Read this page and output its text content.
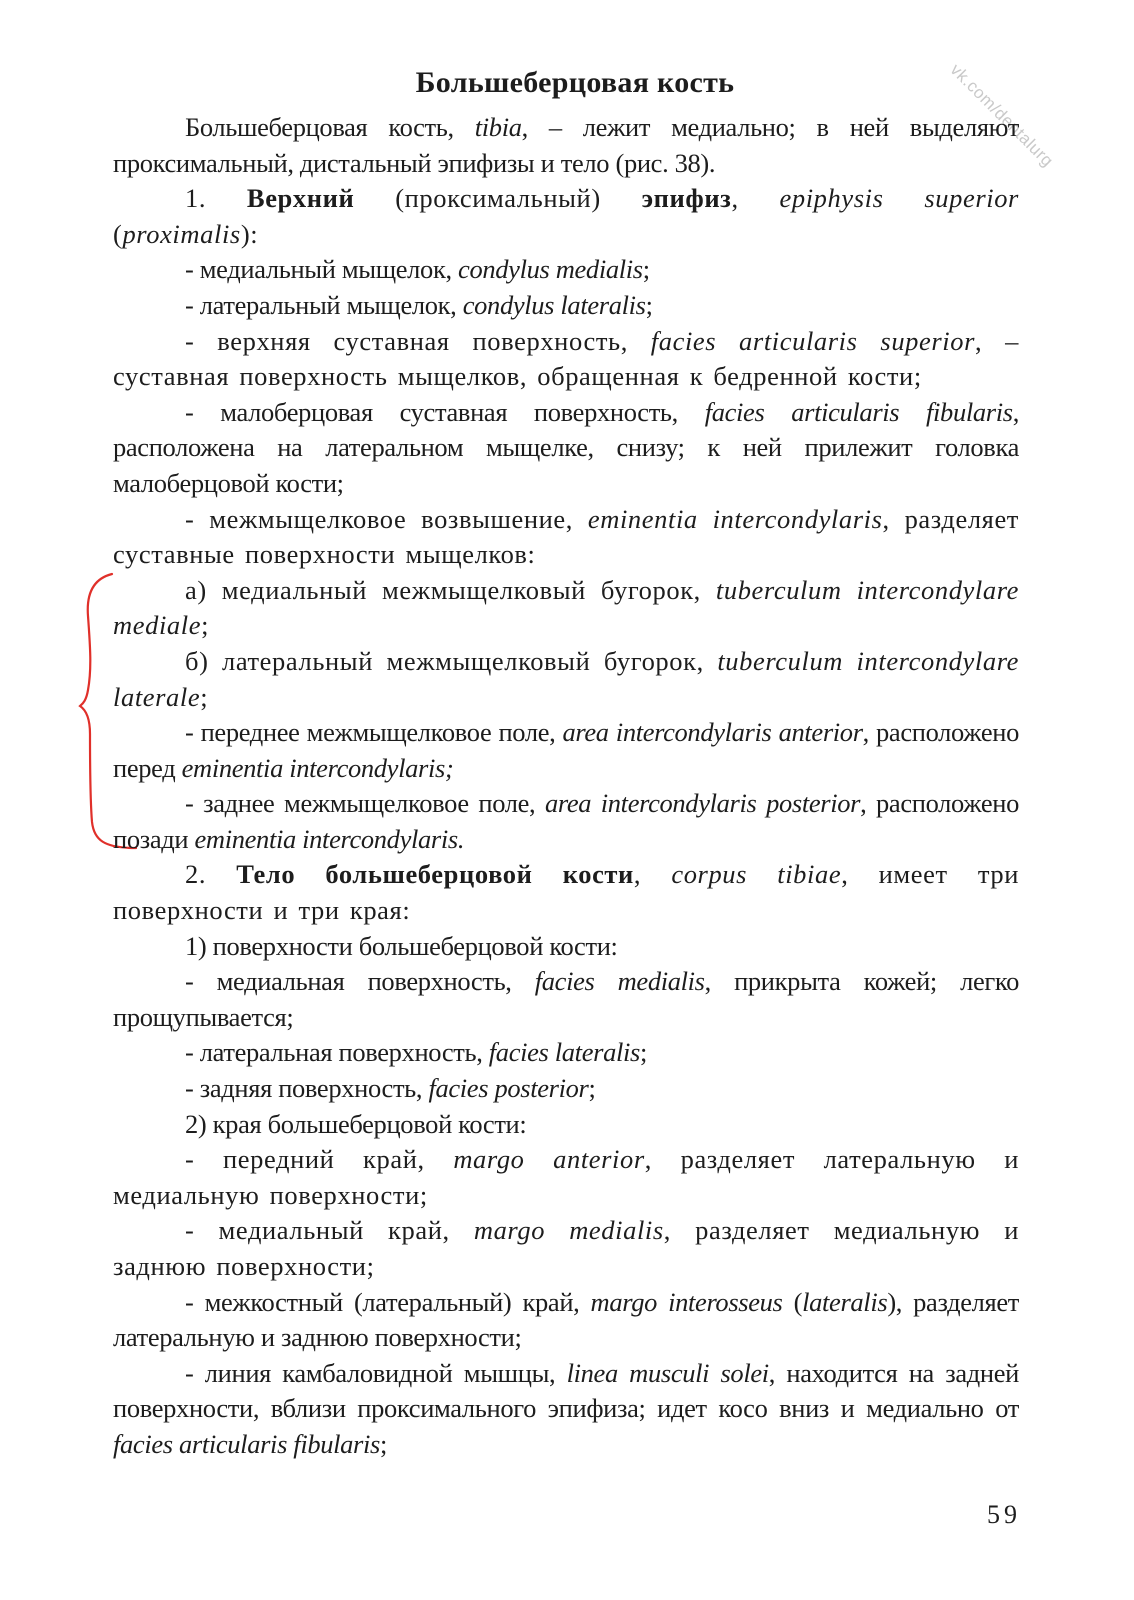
vk.com/dentalurg
Большеберцовая кость

Большеберцовая кость, tibia, – лежит медиально; в ней выделяют проксимальный, дистальный эпифизы и тело (рис. 38).

1. Верхний (проксимальный) эпифиз, epiphysis superior (proximalis):

- медиальный мыщелок, condylus medialis;

- латеральный мыщелок, condylus lateralis;

- верхняя суставная поверхность, facies articularis superior, – суставная поверхность мыщелков, обращенная к бедренной кости;

- малоберцовая суставная поверхность, facies articularis fibularis, расположена на латеральном мыщелке, снизу; к ней прилежит головка малоберцовой кости;

- межмыщелковое возвышение, eminentia intercondylaris, разделяет суставные поверхности мыщелков:

а) медиальный межмыщелковый бугорок, tuberculum intercondylare mediale;

б) латеральный межмыщелковый бугорок, tuberculum intercondylare laterale;

- переднее межмыщелковое поле, area intercondylaris anterior, расположено перед eminentia intercondylaris;

- заднее межмыщелковое поле, area intercondylaris posterior, расположено позади eminentia intercondylaris.

2. Тело большеберцовой кости, corpus tibiae, имеет три поверхности и три края:

1) поверхности большеберцовой кости:

- медиальная поверхность, facies medialis, прикрыта кожей; легко прощупывается;

- латеральная поверхность, facies lateralis;

- задняя поверхность, facies posterior;

2) края большеберцовой кости:

- передний край, margo anterior, разделяет латеральную и медиальную поверхности;

- медиальный край, margo medialis, разделяет медиальную и заднюю поверхности;

- межкостный (латеральный) край, margo interosseus (lateralis), разделяет латеральную и заднюю поверхности;

- линия камбаловидной мышцы, linea musculi solei, находится на задней поверхности, вблизи проксимального эпифиза; идет косо вниз и медиально от facies articularis fibularis;

59
